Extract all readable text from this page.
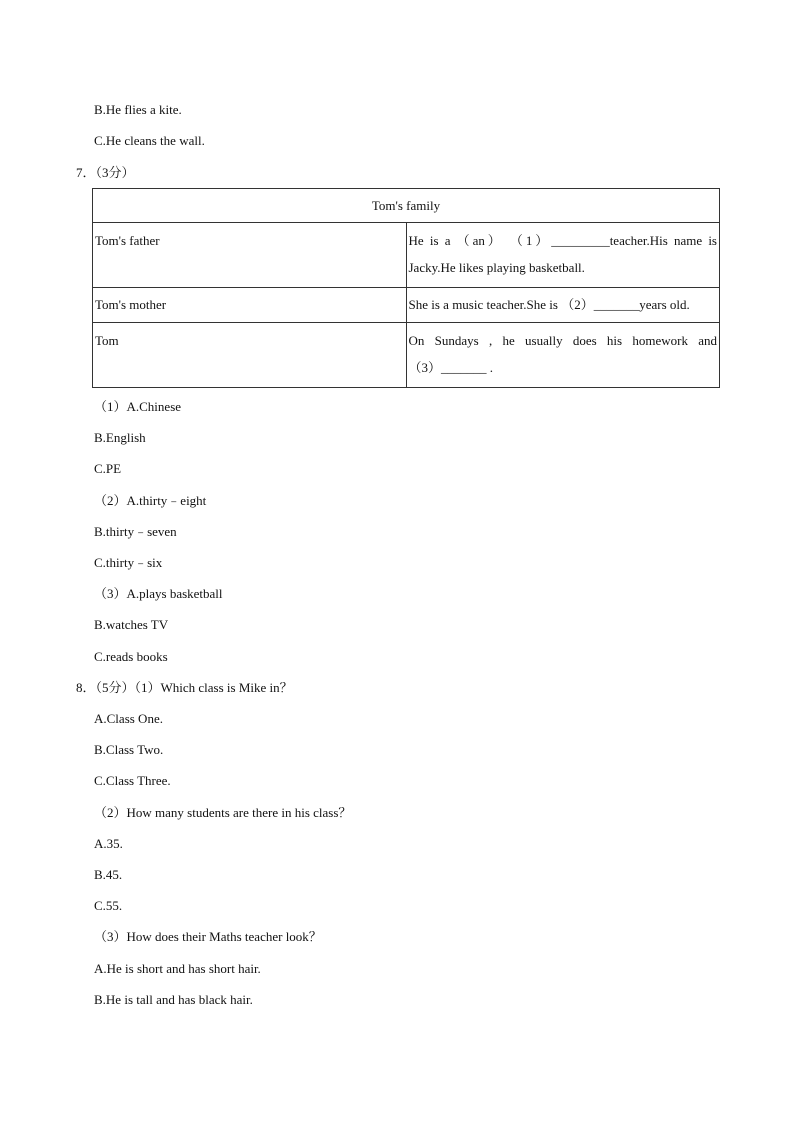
B.He flies a kite.
C.He cleans the wall.
7．（3分）
Tom's family	
Tom's father	He is a （an） （1）_________teacher.His name is
Jacky.He likes playing basketball.

Tom's mother	She is a music teacher.She is （2）_______years old.
Tom	On Sundays , he usually does his homework and
（3）_______ .
（1）A.Chinese
B.English
C.PE
（2）A.thirty﹣eight
B.thirty﹣seven
C.thirty﹣six
（3）A.plays basketball
B.watches TV
C.reads books
8．（5分）（1）Which class is Mike in？
A.Class One.
B.Class Two.
C.Class Three.
（2）How many students are there in his class？
A.35.
B.45.
C.55.
（3）How does their Maths teacher look？
A.He is short and has short hair.
B.He is tall and has black hair.
